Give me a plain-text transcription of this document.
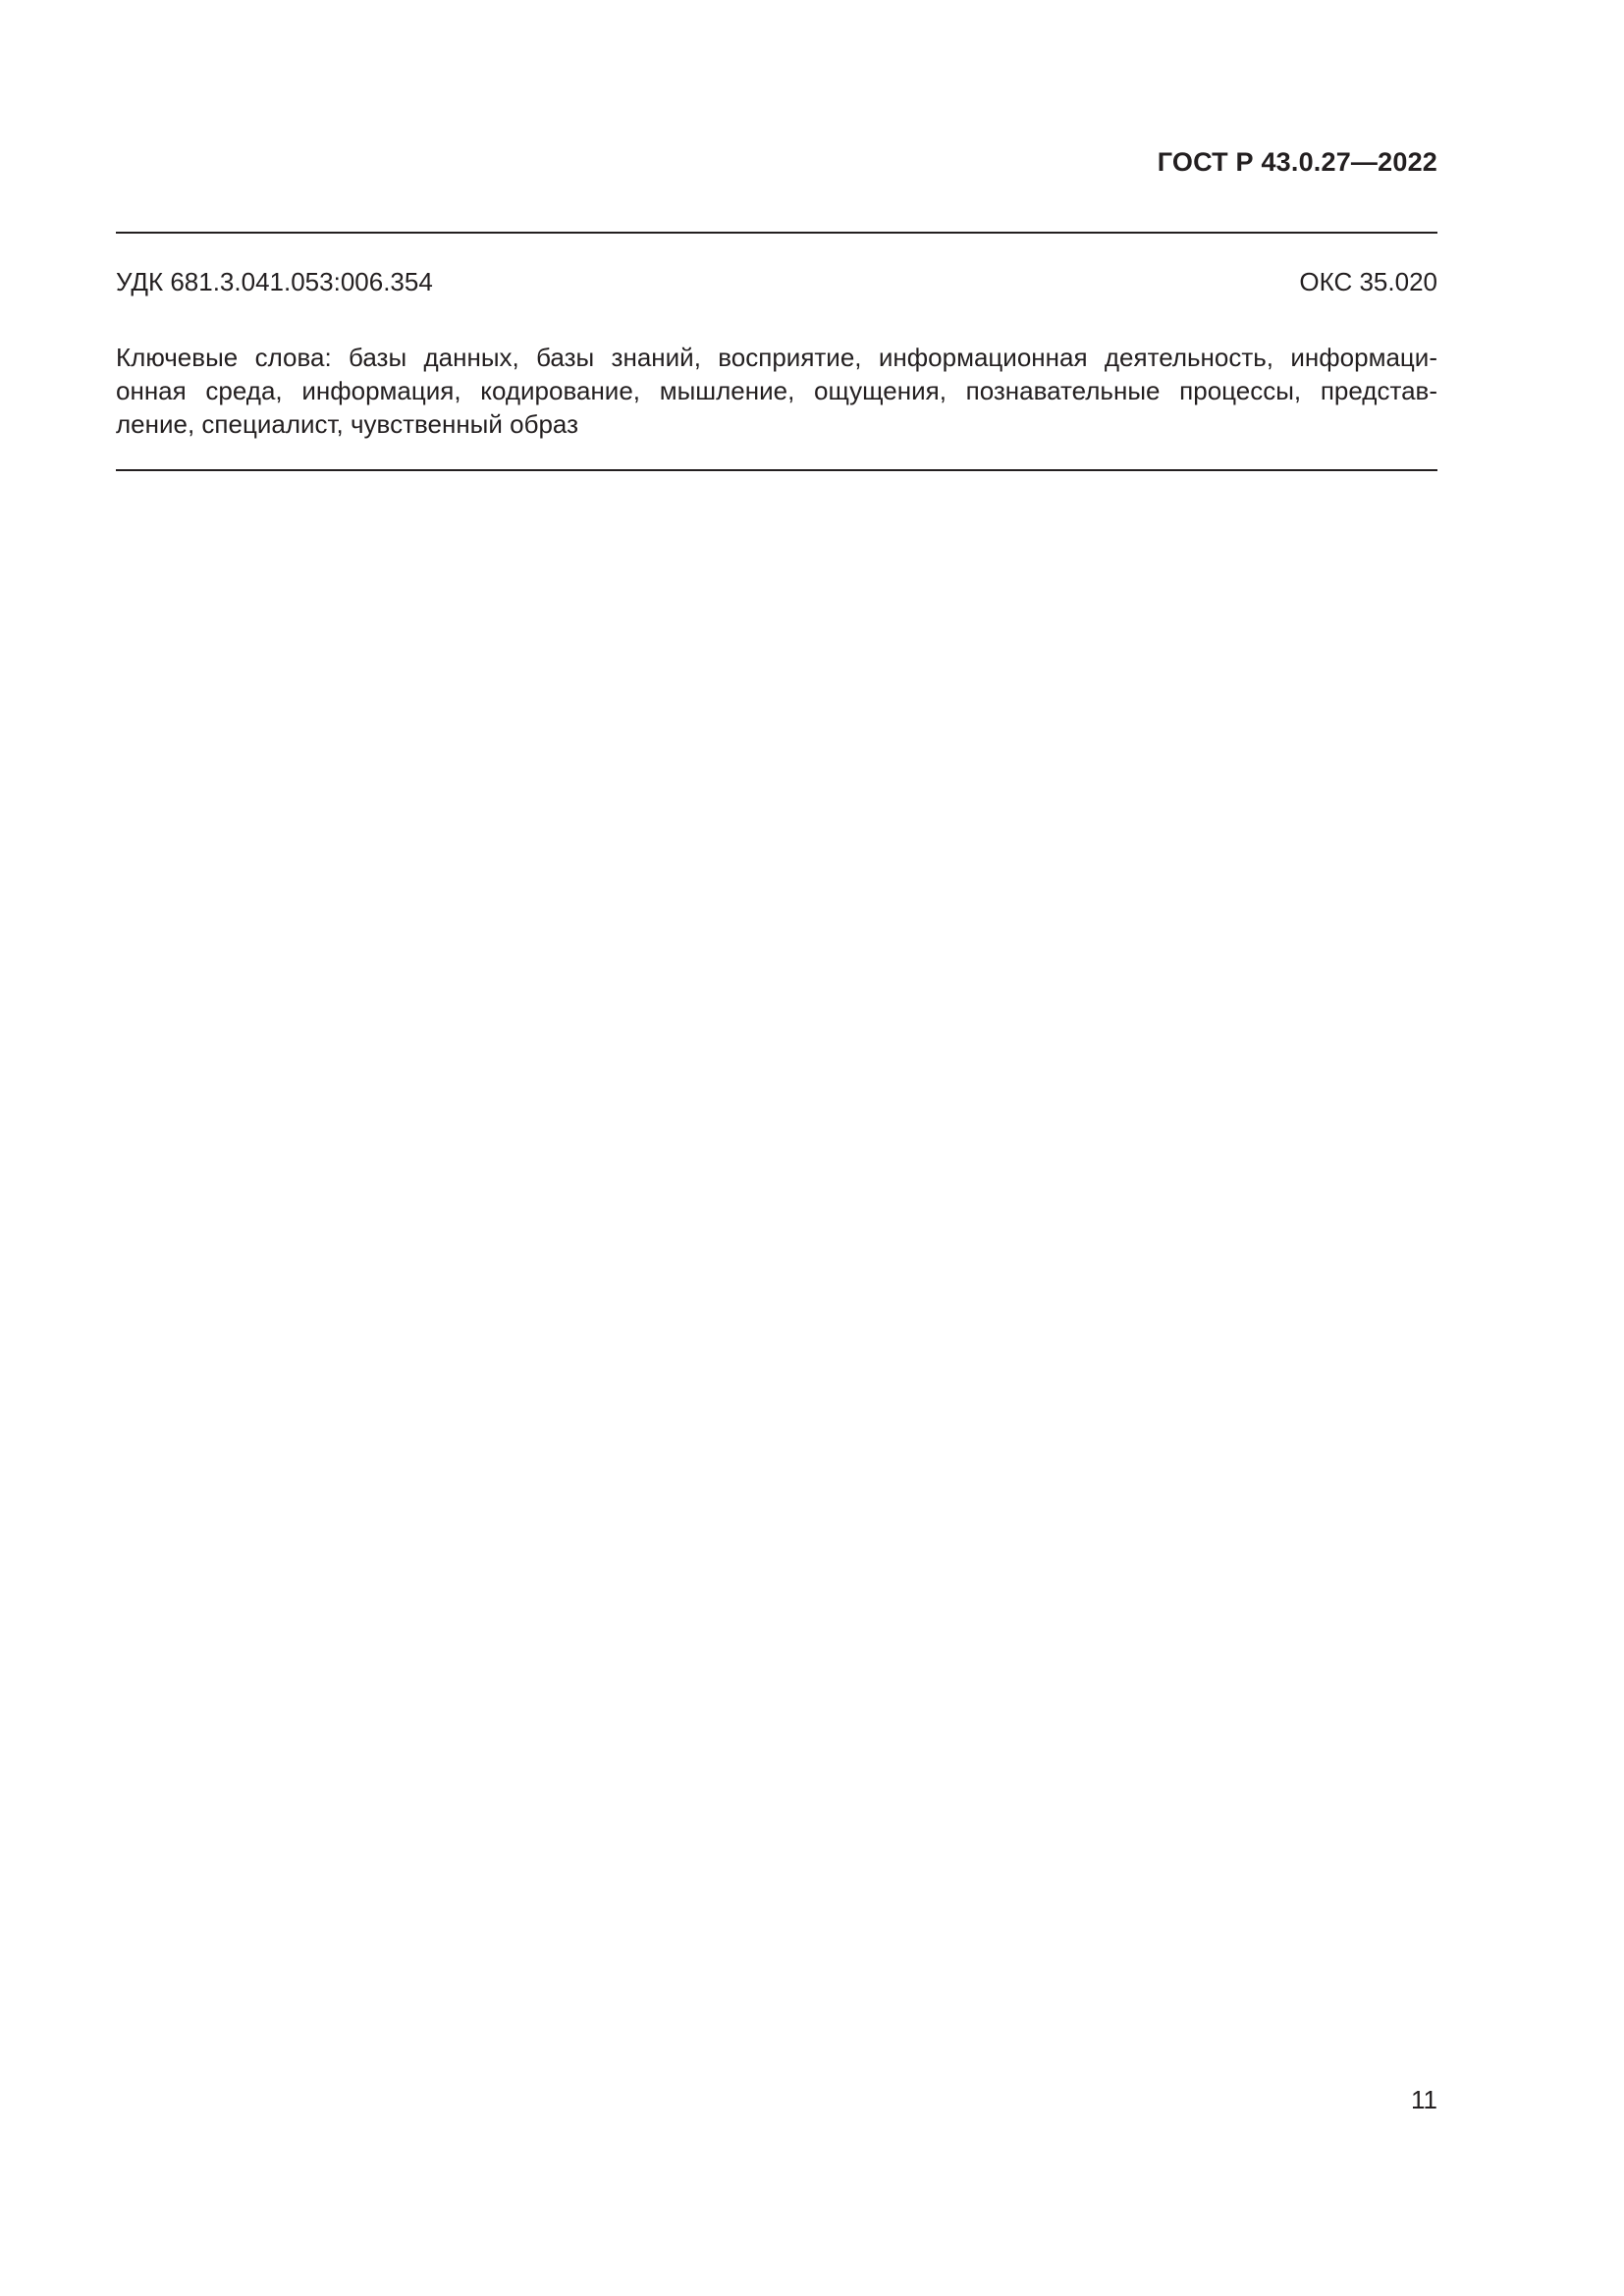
ГОСТ Р 43.0.27—2022
УДК 681.3.041.053:006.354	ОКС 35.020
Ключевые слова: базы данных, базы знаний, восприятие, информационная деятельность, информаци-
онная среда, информация, кодирование, мышление, ощущения, познавательные процессы, представ-
ление, специалист, чувственный образ
11
